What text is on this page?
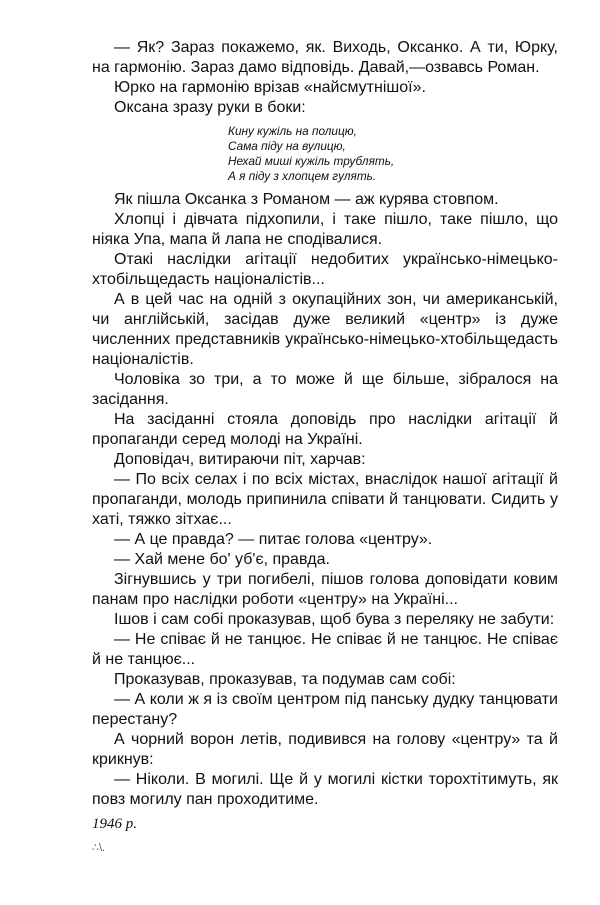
— Як? Зараз покажемо, як. Виходь, Оксанко. А ти, Юрку, на гармонію. Зараз дамо відповідь. Давай,—озвавсь Роман.

Юрко на гармонію врізав «найсмутнішої».

Оксана зразу руки в боки:

Кину кужіль на полицю,
Сама піду на вулицю,
Нехай миші кужіль трублять,
А я піду з хлопцем гулять.

Як пішла Оксанка з Романом — аж курява стовпом.

Хлопці і дівчата підхопили, і таке пішло, таке пішло, що ніяка Упа, мапа й лапа не сподівалися.

Отакі наслідки агітації недобитих українсько-німецько-хтобільщедасть націоналістів...

А в цей час на одній з окупаційних зон, чи американській, чи англійській, засідав дуже великий «центр» із дуже численних представників українсько-німецько-хтобільщедасть націоналістів.

Чоловіка зо три, а то може й ще більше, зібралося на засідання.

На засіданні стояла доповідь про наслідки агітації й пропаганди серед молоді на Україні.

Доповідач, витираючи піт, харчав:

— По всіх селах і по всіх містах, внаслідок нашої агітації й пропаганди, молодь припинила співати й танцювати. Сидить у хаті, тяжко зітхає...

— А це правда? — питає голова «центру».

— Хай мене бо' уб'є, правда.

Зігнувшись у три погибелі, пішов голова доповідати ковим панам про наслідки роботи «центру» на Україні...

Ішов і сам собі проказував, щоб бува з переляку не забути:

— Не співає й не танцює. Не співає й не танцює. Не співає й не танцює...

Проказував, проказував, та подумав сам собі:

— А коли ж я із своїм центром під панську дудку танцювати перестану?

А чорний ворон летів, подивився на голову «центру» та й крикнув:

— Ніколи. В могилі. Ще й у могилі кістки торохтітимуть, як повз могилу пан проходитиме.

1946 р.
∴\.
